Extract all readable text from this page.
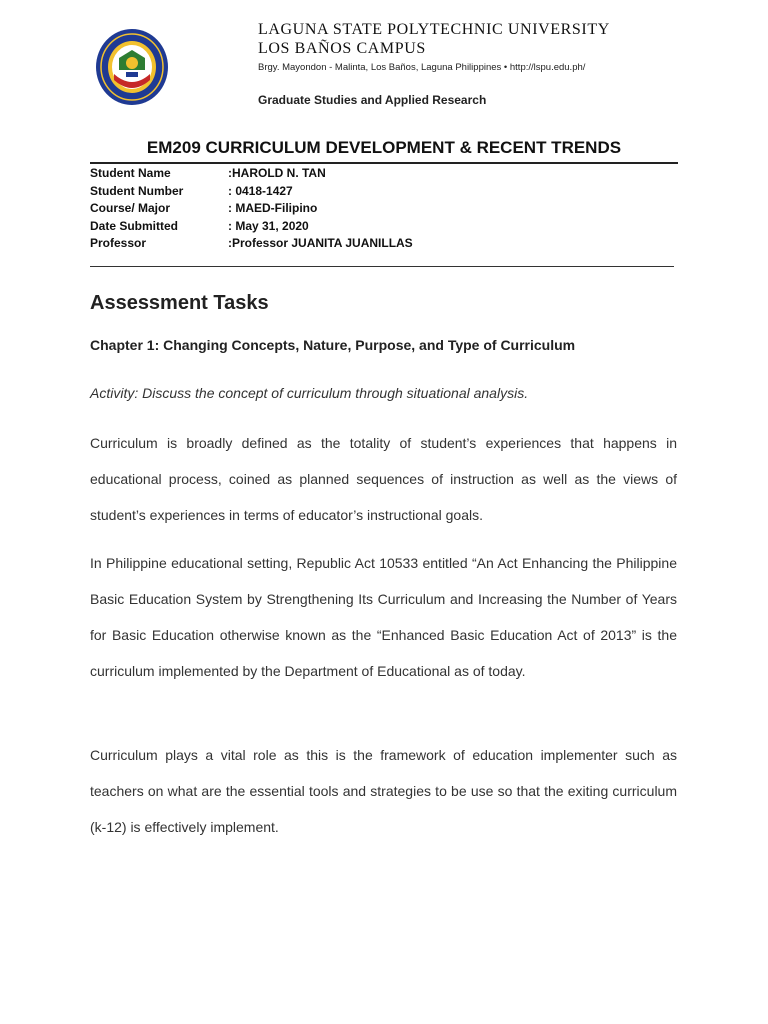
LAGUNA STATE POLYTECHNIC UNIVERSITY
LOS BAÑOS CAMPUS
Brgy. Mayondon - Malinta, Los Baños, Laguna Philippines • http://lspu.edu.ph/
Graduate Studies and Applied Research
EM209 CURRICULUM DEVELOPMENT & RECENT TRENDS
Student Name	:HAROLD N. TAN
Student Number	: 0418-1427
Course/ Major	: MAED-Filipino
Date Submitted	: May 31, 2020
Professor	:Professor JUANITA JUANILLAS
Assessment Tasks
Chapter 1: Changing Concepts, Nature, Purpose, and Type of Curriculum
Activity: Discuss the concept of curriculum through situational analysis.
Curriculum is broadly defined as the totality of student’s experiences that happens in educational process, coined as planned sequences of instruction as well as the views of student’s experiences in terms of educator’s instructional goals.
In Philippine educational setting, Republic Act 10533 entitled “An Act Enhancing the Philippine Basic Education System by Strengthening Its Curriculum and Increasing the Number of Years for Basic Education otherwise known as the “Enhanced Basic Education Act of 2013” is the curriculum implemented by the Department of Educational as of today.
Curriculum plays a vital role as this is the framework of education implementer such as teachers on what are the essential tools and strategies to be use so that the exiting curriculum (k-12) is effectively implement.
